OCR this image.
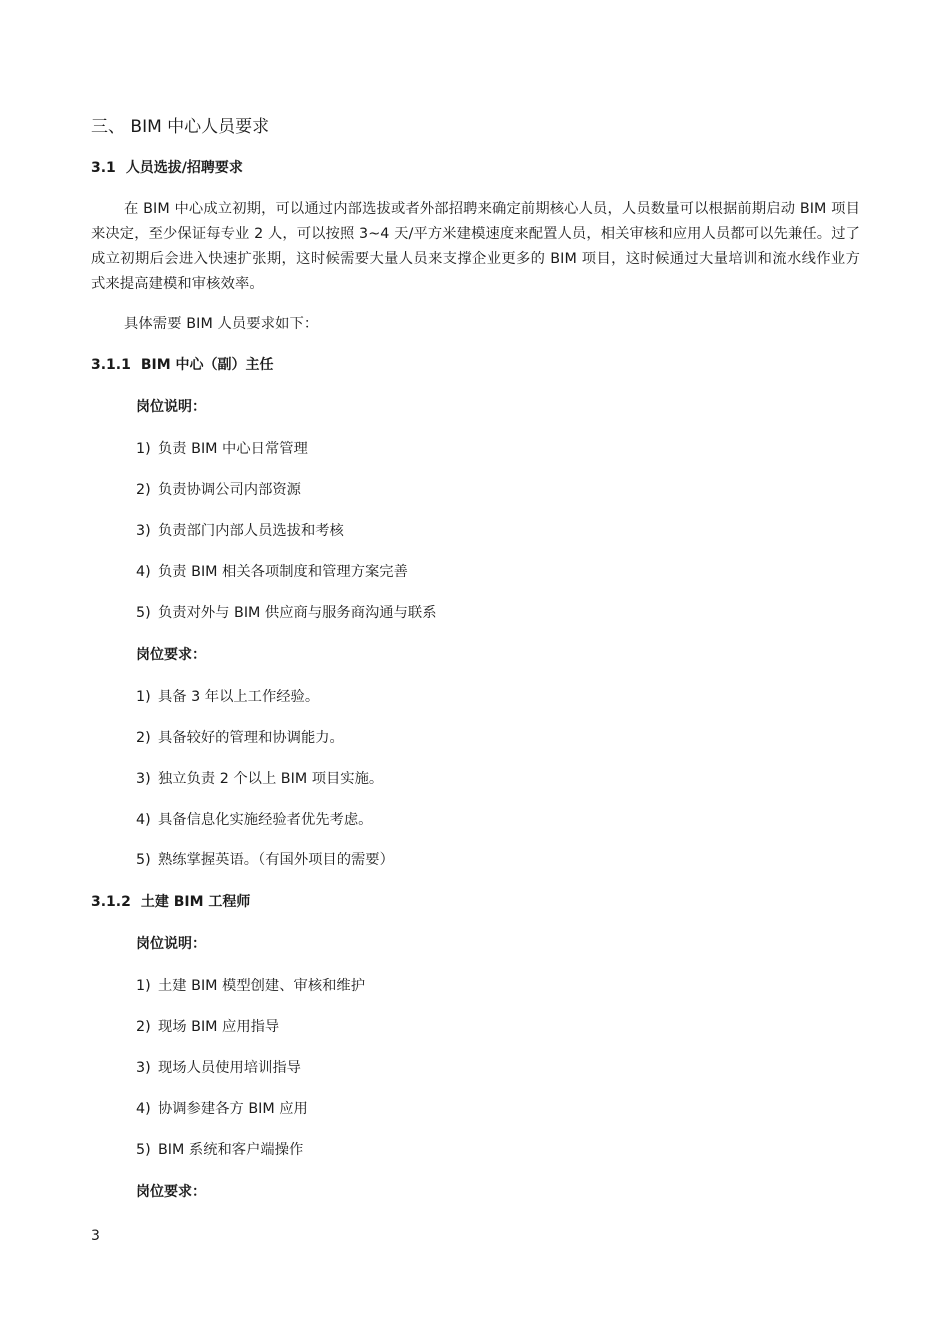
三、 BIM 中心人员要求
3.1 人员选拔/招聘要求
在 BIM 中心成立初期，可以通过内部选拔或者外部招聘来确定前期核心人员，人员数量可以根据前期启动 BIM 项目来决定，至少保证每专业 2 人，可以按照 3~4 天/平方米建模速度来配置人员，相关审核和应用人员都可以先兼任。过了成立初期后会进入快速扩张期，这时候需要大量人员来支撑企业更多的 BIM 项目，这时候通过大量培训和流水线作业方式来提高建模和审核效率。
具体需要 BIM 人员要求如下：
3.1.1 BIM 中心（副）主任
岗位说明：
1) 负责 BIM 中心日常管理
2) 负责协调公司内部资源
3) 负责部门内部人员选拔和考核
4) 负责 BIM 相关各项制度和管理方案完善
5) 负责对外与 BIM 供应商与服务商沟通与联系
岗位要求：
1) 具备 3 年以上工作经验。
2) 具备较好的管理和协调能力。
3) 独立负责 2 个以上 BIM 项目实施。
4) 具备信息化实施经验者优先考虑。
5) 熟练掌握英语。（有国外项目的需要）
3.1.2 土建 BIM 工程师
岗位说明：
1) 土建 BIM 模型创建、审核和维护
2) 现场 BIM 应用指导
3) 现场人员使用培训指导
4) 协调参建各方 BIM 应用
5) BIM 系统和客户端操作
岗位要求：
3
